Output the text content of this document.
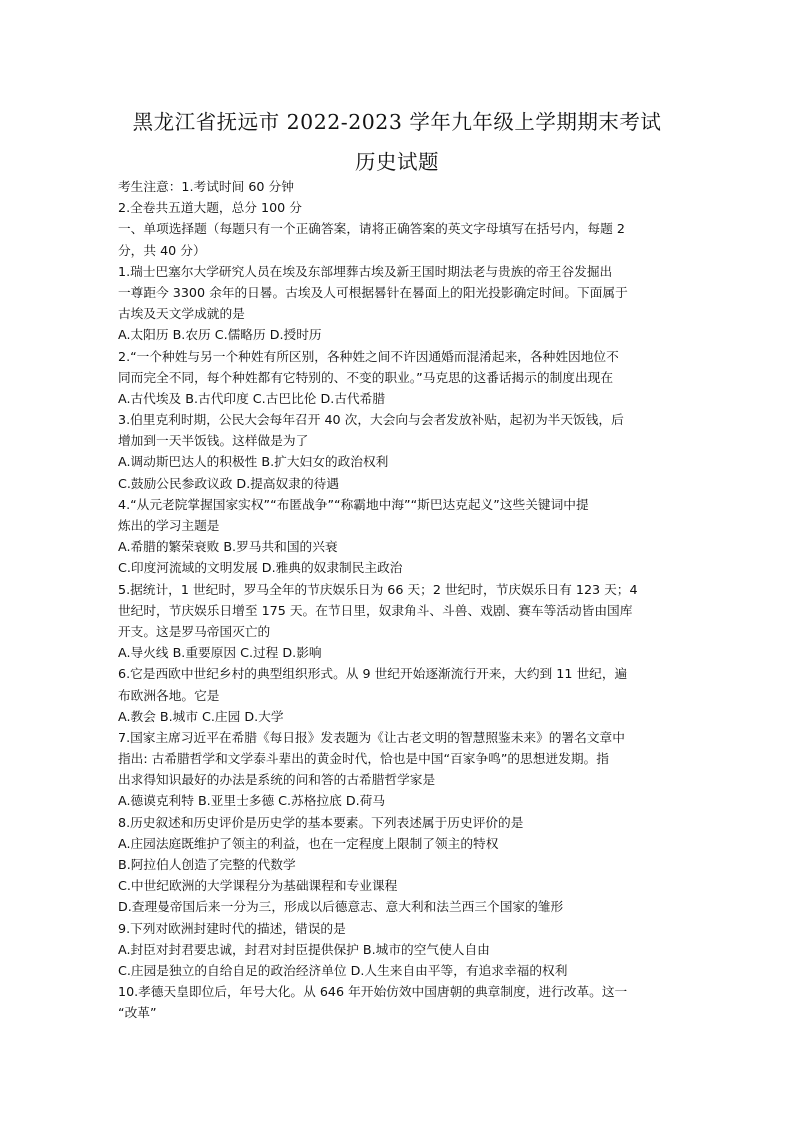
黑龙江省抚远市 2022-2023 学年九年级上学期期末考试
历史试题
考生注意：1.考试时间 60 分钟
2.全卷共五道大题，总分 100 分
一、单项选择题（每题只有一个正确答案，请将正确答案的英文字母填写在括号内，每题 2
分，共 40 分）
1.瑞士巴塞尔大学研究人员在埃及东部埋葬古埃及新王国时期法老与贵族的帝王谷发掘出
一尊距今 3300 余年的日晷。古埃及人可根据晷针在晷面上的阳光投影确定时间。下面属于
古埃及天文学成就的是
A.太阳历 B.农历 C.儒略历 D.授时历
2.“一个种姓与另一个种姓有所区别，各种姓之间不许因通婚而混淆起来，各种姓因地位不
同而完全不同，每个种姓都有它特别的、不变的职业。”马克思的这番话揭示的制度出现在
A.古代埃及 B.古代印度 C.古巴比伦 D.古代希腊
3.伯里克利时期，公民大会每年召开 40 次，大会向与会者发放补贴，起初为半天饭钱，后
增加到一天半饭钱。这样做是为了
A.调动斯巴达人的积极性 B.扩大妇女的政治权利
C.鼓励公民参政议政 D.提高奴隶的待遇
4.“从元老院掌握国家实权”“布匿战争”“称霸地中海”“斯巴达克起义”这些关键词中提
炼出的学习主题是
A.希腊的繁荣衰败 B.罗马共和国的兴衰
C.印度河流域的文明发展 D.雅典的奴隶制民主政治
5.据统计，1 世纪时，罗马全年的节庆娱乐日为 66 天；2 世纪时，节庆娱乐日有 123 天；4
世纪时，节庆娱乐日增至 175 天。在节日里，奴隶角斗、斗兽、戏剧、赛车等活动皆由国库
开支。这是罗马帝国灭亡的
A.导火线 B.重要原因 C.过程 D.影响
6.它是西欧中世纪乡村的典型组织形式。从 9 世纪开始逐渐流行开来，大约到 11 世纪，遍
布欧洲各地。它是
A.教会 B.城市 C.庄园 D.大学
7.国家主席习近平在希腊《每日报》发表题为《让古老文明的智慧照鉴未来》的署名文章中
指出: 古希腊哲学和文学泰斗辈出的黄金时代，恰也是中国“百家争鸣”的思想迸发期。指
出求得知识最好的办法是系统的问和答的古希腊哲学家是
A.德谟克利特 B.亚里士多德 C.苏格拉底 D.荷马
8.历史叙述和历史评价是历史学的基本要素。下列表述属于历史评价的是
A.庄园法庭既维护了领主的利益，也在一定程度上限制了领主的特权
B.阿拉伯人创造了完整的代数学
C.中世纪欧洲的大学课程分为基础课程和专业课程
D.查理曼帝国后来一分为三，形成以后德意志、意大利和法兰西三个国家的雏形
9.下列对欧洲封建时代的描述，错误的是
A.封臣对封君要忠诚，封君对封臣提供保护 B.城市的空气使人自由
C.庄园是独立的自给自足的政治经济单位 D.人生来自由平等，有追求幸福的权利
10.孝德天皇即位后，年号大化。从 646 年开始仿效中国唐朝的典章制度，进行改革。这一
“改革”
